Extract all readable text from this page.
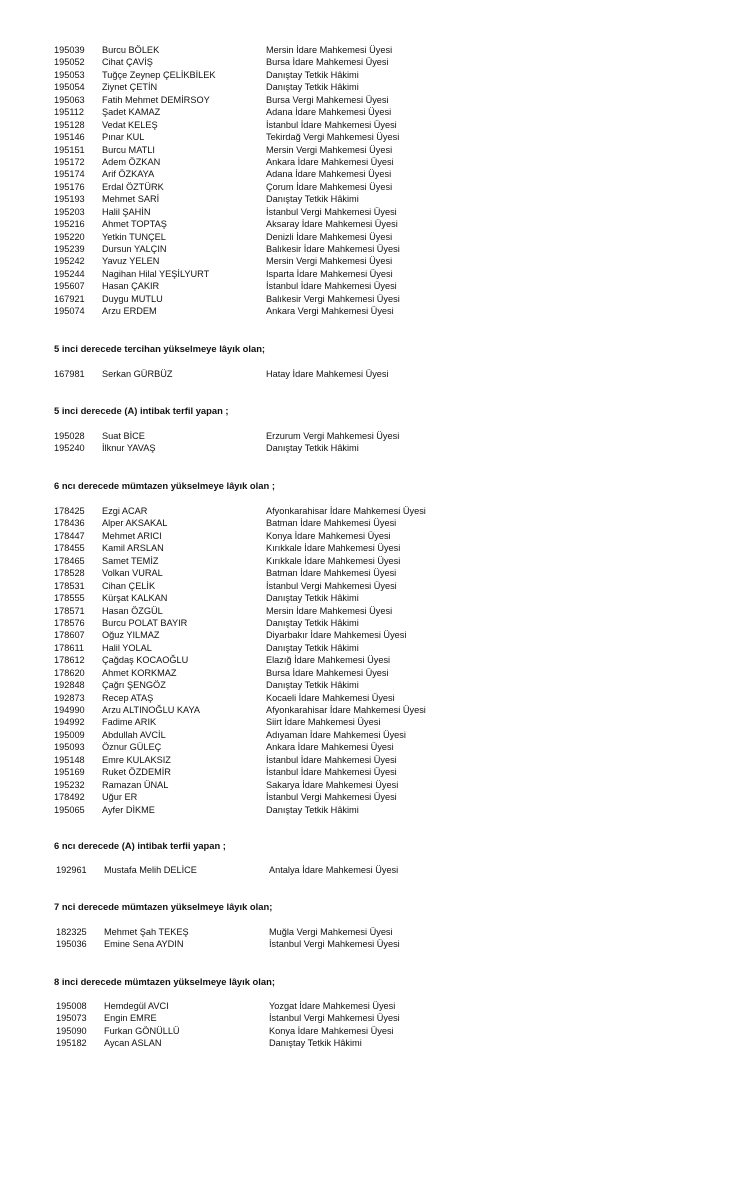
195039 Burcu BÖLEK	Mersin İdare Mahkemesi Üyesi
195052 Cihat ÇAVİŞ	Bursa İdare Mahkemesi Üyesi
195053 Tuğçe Zeynep ÇELİKBİLEK	Danıştay Tetkik Hâkimi
195054 Ziynet ÇETİN	Danıştay Tetkik Hâkimi
195063 Fatih Mehmet DEMİRSOY	Bursa Vergi Mahkemesi Üyesi
195112 Şadet KAMAZ	Adana İdare Mahkemesi Üyesi
195128 Vedat KELEŞ	İstanbul İdare Mahkemesi Üyesi
195146 Pınar KUL	Tekirdağ Vergi Mahkemesi Üyesi
195151 Burcu MATLI	Mersin Vergi Mahkemesi Üyesi
195172 Adem ÖZKAN	Ankara İdare Mahkemesi Üyesi
195174 Arif ÖZKAYA	Adana İdare Mahkemesi Üyesi
195176 Erdal ÖZTÜRK	Çorum İdare Mahkemesi Üyesi
195193 Mehmet SARİ	Danıştay Tetkik Hâkimi
195203 Halil ŞAHİN	İstanbul Vergi Mahkemesi Üyesi
195216 Ahmet TOPTAŞ	Aksaray İdare Mahkemesi Üyesi
195220 Yetkin TUNÇEL	Denizli İdare Mahkemesi Üyesi
195239 Dursun YALÇIN	Balıkesir İdare Mahkemesi Üyesi
195242 Yavuz YELEN	Mersin Vergi Mahkemesi Üyesi
195244 Nagihan Hilal YEŞİLYURT	Isparta İdare Mahkemesi Üyesi
195607 Hasan ÇAKIR	İstanbul İdare Mahkemesi Üyesi
167921 Duygu MUTLU	Balıkesir Vergi Mahkemesi Üyesi
195074 Arzu ERDEM	Ankara Vergi Mahkemesi Üyesi
5 inci derecede tercihan yükselmeye lâyık olan;
167981 Serkan GÜRBÜZ	Hatay İdare Mahkemesi Üyesi
5 inci derecede (A) intibak terfil yapan ;
195028 Suat BİCE	Erzurum Vergi Mahkemesi Üyesi
195240 İlknur YAVAŞ	Danıştay Tetkik Hâkimi
6 ncı derecede mümtazen yükselmeye lâyık olan ;
178425 Ezgi ACAR	Afyonkarahisar İdare Mahkemesi Üyesi
178436 Alper AKSAKAL	Batman İdare Mahkemesi Üyesi
178447 Mehmet ARICI	Konya İdare Mahkemesi Üyesi
178455 Kamil ARSLAN	Kırıkkale İdare Mahkemesi Üyesi
178465 Samet TEMİZ	Kırıkkale İdare Mahkemesi Üyesi
178528 Volkan VURAL	Batman İdare Mahkemesi Üyesi
178531 Cihan ÇELİK	İstanbul Vergi Mahkemesi Üyesi
178555 Kürşat KALKAN	Danıştay Tetkik Hâkimi
178571 Hasan ÖZGÜL	Mersin İdare Mahkemesi Üyesi
178576 Burcu POLAT BAYIR	Danıştay Tetkik Hâkimi
178607 Oğuz YILMAZ	Diyarbakır İdare Mahkemesi Üyesi
178611 Halil YOLAL	Danıştay Tetkik Hâkimi
178612 Çağdaş KOCAOĞLU	Elazığ İdare Mahkemesi Üyesi
178620 Ahmet KORKMAZ	Bursa İdare Mahkemesi Üyesi
192848 Çağrı ŞENGÖZ	Danıştay Tetkik Hâkimi
192873 Recep ATAŞ	Kocaeli İdare Mahkemesi Üyesi
194990 Arzu ALTINOĞLU KAYA	Afyonkarahisar İdare Mahkemesi Üyesi
194992 Fadime ARIK	Siirt İdare Mahkemesi Üyesi
195009 Abdullah AVCİL	Adıyaman İdare Mahkemesi Üyesi
195093 Öznur GÜLEÇ	Ankara İdare Mahkemesi Üyesi
195148 Emre KULAKSIZ	İstanbul İdare Mahkemesi Üyesi
195169 Ruket ÖZDEMİR	İstanbul İdare Mahkemesi Üyesi
195232 Ramazan ÜNAL	Sakarya İdare Mahkemesi Üyesi
178492 Uğur ER	İstanbul Vergi Mahkemesi Üyesi
195065 Ayfer DİKME	Danıştay Tetkik Hâkimi
6 ncı derecede (A) intibak terfii yapan ;
192961 Mustafa Melih DELİCE	Antalya İdare Mahkemesi Üyesi
7 nci derecede mümtazen yükselmeye lâyık olan;
182325 Mehmet Şah TEKEŞ	Muğla Vergi Mahkemesi Üyesi
195036 Emine Sena AYDIN	İstanbul Vergi Mahkemesi Üyesi
8 inci derecede mümtazen yükselmeye lâyık olan;
195008 Hemdegül AVCI	Yozgat İdare Mahkemesi Üyesi
195073 Engin EMRE	İstanbul Vergi Mahkemesi Üyesi
195090 Furkan GÖNÜLLÜ	Konya İdare Mahkemesi Üyesi
195182 Aycan ASLAN	Danıştay Tetkik Hâkimi
